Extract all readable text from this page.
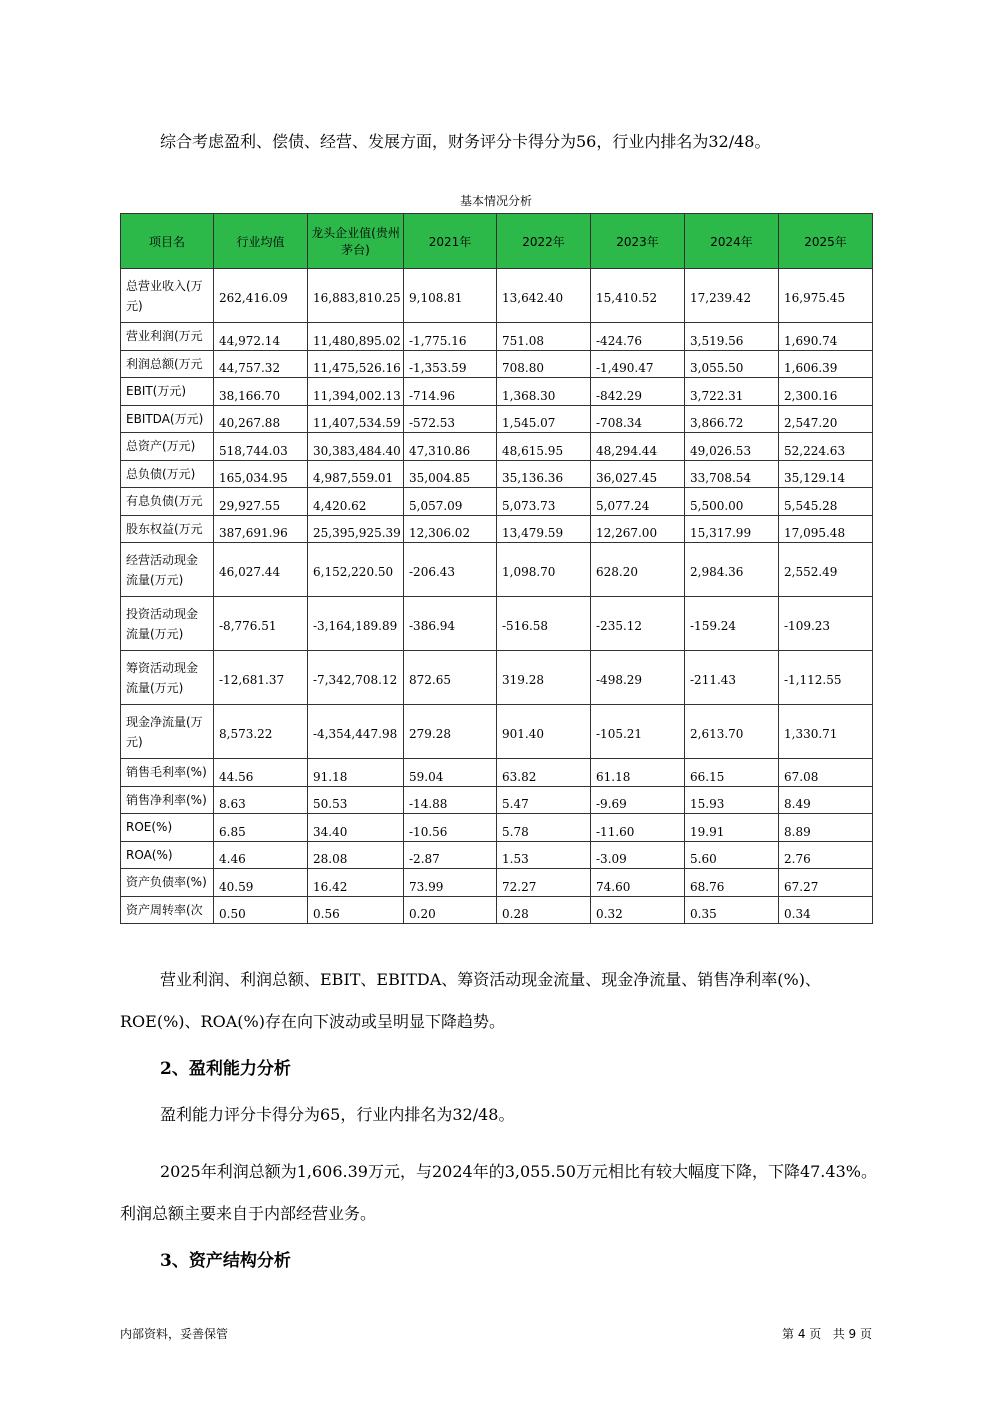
综合考虑盈利、偿债、经营、发展方面，财务评分卡得分为56，行业内排名为32/48。

基本情况分析
项目名	行业均值	龙头企业值(贵州茅台)	2021年	2022年	2023年	2024年	2025年
总营业收入(万元)	262,416.09	16,883,810.25	9,108.81	13,642.40	15,410.52	17,239.42	16,975.45
营业利润(万元	44,972.14	11,480,895.02	-1,775.16	751.08	-424.76	3,519.56	1,690.74
利润总额(万元	44,757.32	11,475,526.16	-1,353.59	708.80	-1,490.47	3,055.50	1,606.39
EBIT(万元)	38,166.70	11,394,002.13	-714.96	1,368.30	-842.29	3,722.31	2,300.16
EBITDA(万元)	40,267.88	11,407,534.59	-572.53	1,545.07	-708.34	3,866.72	2,547.20
总资产(万元)	518,744.03	30,383,484.40	47,310.86	48,615.95	48,294.44	49,026.53	52,224.63
总负债(万元)	165,034.95	4,987,559.01	35,004.85	35,136.36	36,027.45	33,708.54	35,129.14
有息负债(万元	29,927.55	4,420.62	5,057.09	5,073.73	5,077.24	5,500.00	5,545.28
股东权益(万元	387,691.96	25,395,925.39	12,306.02	13,479.59	12,267.00	15,317.99	17,095.48
经营活动现金流量(万元)	46,027.44	6,152,220.50	-206.43	1,098.70	628.20	2,984.36	2,552.49
投资活动现金流量(万元)	-8,776.51	-3,164,189.89	-386.94	-516.58	-235.12	-159.24	-109.23
筹资活动现金流量(万元)	-12,681.37	-7,342,708.12	872.65	319.28	-498.29	-211.43	-1,112.55
现金净流量(万元)	8,573.22	-4,354,447.98	279.28	901.40	-105.21	2,613.70	1,330.71
销售毛利率(%)	44.56	91.18	59.04	63.82	61.18	66.15	67.08
销售净利率(%)	8.63	50.53	-14.88	5.47	-9.69	15.93	8.49
ROE(%)	6.85	34.40	-10.56	5.78	-11.60	19.91	8.89
ROA(%)	4.46	28.08	-2.87	1.53	-3.09	5.60	2.76
资产负债率(%)	40.59	16.42	73.99	72.27	74.60	68.76	67.27
资产周转率(次	0.50	0.56	0.20	0.28	0.32	0.35	0.34

营业利润、利润总额、EBIT、EBITDA、筹资活动现金流量、现金净流量、销售净利率(%)、ROE(%)、ROA(%)存在向下波动或呈明显下降趋势。

2、盈利能力分析

盈利能力评分卡得分为65，行业内排名为32/48。

2025年利润总额为1,606.39万元，与2024年的3,055.50万元相比有较大幅度下降，下降47.43%。利润总额主要来自于内部经营业务。

3、资产结构分析
内部资料，妥善保管	第 4 页   共 9 页
